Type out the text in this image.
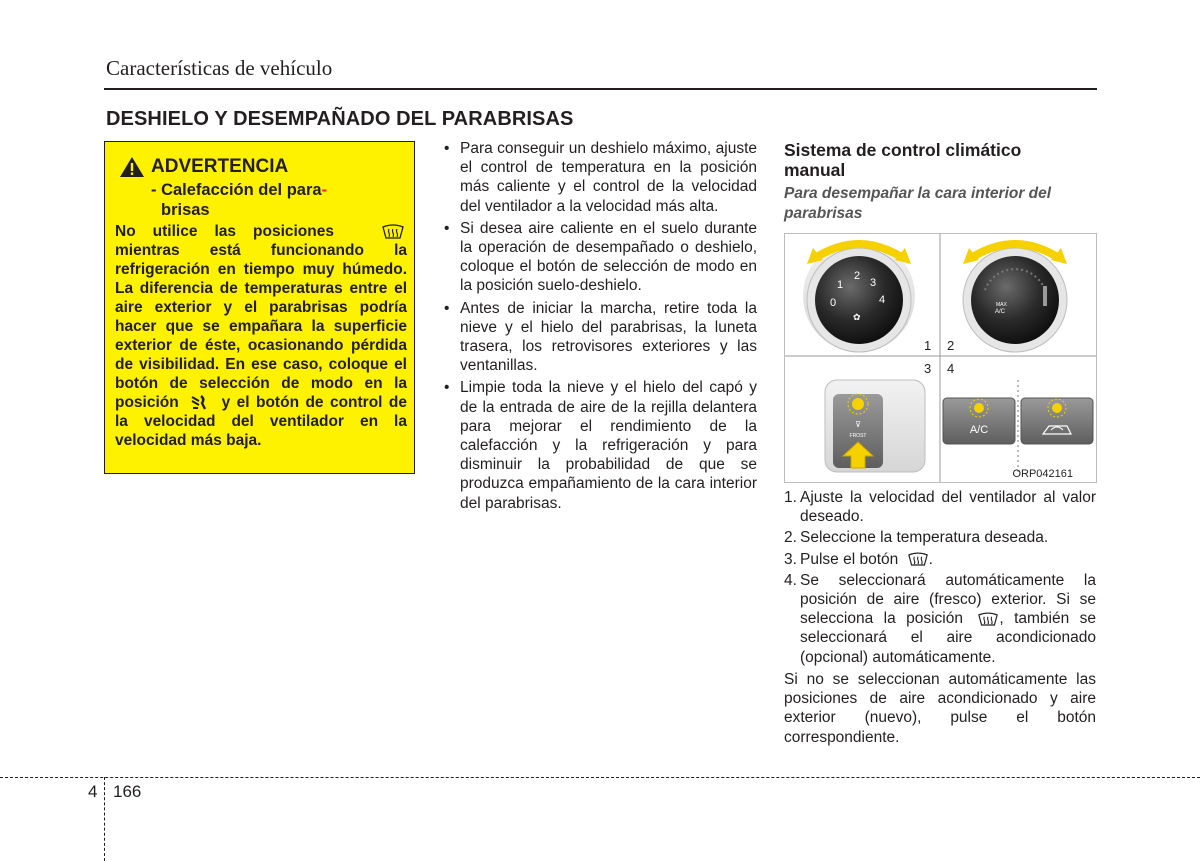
Características de vehículo
DESHIELO Y DESEMPAÑADO DEL PARABRISAS
ADVERTENCIA
- Calefacción del para-
brisas
No utilice las posiciones  mientras está funcionando la refrigeración en tiempo muy húmedo. La diferencia de temperaturas entre el aire exterior y el parabrisas podría hacer que se empañara la superficie exterior de éste, ocasionando pérdida de visibilidad. En ese caso, coloque el botón de selección de modo en la posición	y el botón de control de la velocidad del ventilador en la velocidad más baja.
• Para conseguir un deshielo máximo, ajuste el control de temperatura en la posición más caliente y el control de la velocidad del ventilador a la velocidad más alta.
• Si desea aire caliente en el suelo durante la operación de desempañado o deshielo, coloque el botón de selección de modo en la posición suelo-deshielo.
• Antes de iniciar la marcha, retire toda la nieve y el hielo del parabrisas, la luneta trasera, los retrovisores exteriores y las ventanillas.
• Limpie toda la nieve y el hielo del capó y de la entrada de aire de la rejilla delantera para mejorar el rendimiento de la calefacción y la refrigeración y para disminuir la probabilidad de que se produzca empañamiento de la cara interior del parabrisas.
Sistema de control climático manual
Para desempañar la cara interior del parabrisas
0
1
2
3
4
✿
MAX
A/C
1 2
3 4
⊽
FROST	A/C
ORP042161
1. Ajuste la velocidad del ventilador al valor deseado.
2. Seleccione la temperatura deseada.
3. Pulse el botón .
4. Se seleccionará automáticamente la posición de aire (fresco) exterior. Si se selecciona la posición , también se seleccionará el aire acondicionado (opcional) automáticamente.
Si no se seleccionan automáticamente las posiciones de aire acondicionado y aire exterior (nuevo), pulse el botón correspondiente.
4 166
